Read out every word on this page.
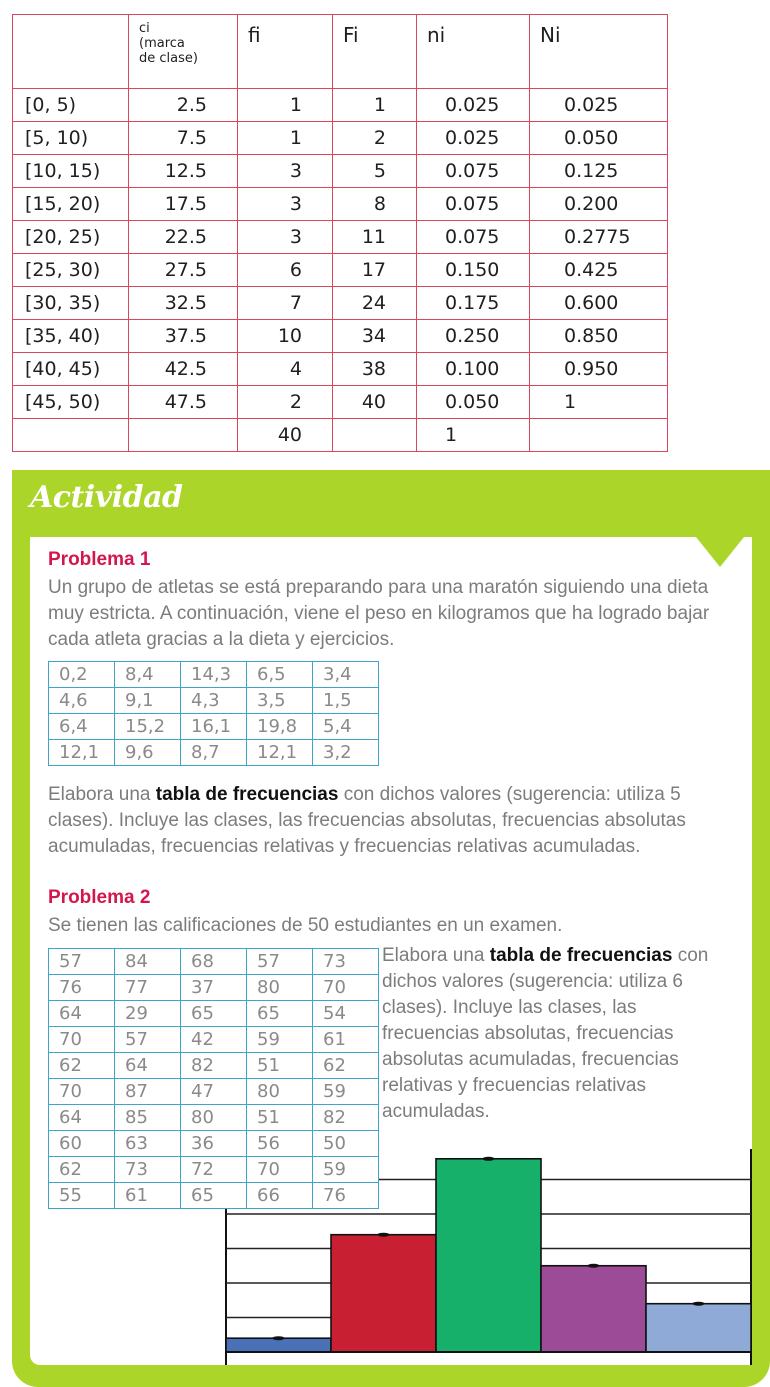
	ci
(marca
de clase)	fi	Fi	ni	Ni
[0, 5)	2.5	1	1	0.025	0.025
[5, 10)	7.5	1	2	0.025	0.050
[10, 15)	12.5	3	5	0.075	0.125
[15, 20)	17.5	3	8	0.075	0.200
[20, 25)	22.5	3	11	0.075	0.2775
[25, 30)	27.5	6	17	0.150	0.425
[30, 35)	32.5	7	24	0.175	0.600
[35, 40)	37.5	10	34	0.250	0.850
[40, 45)	42.5	4	38	0.100	0.950
[45, 50)	47.5	2	40	0.050	1
		40		1	
Actividad
Problema 1
Un grupo de atletas se está preparando para una maratón siguiendo una dieta muy estricta. A continuación, viene el peso en kilogramos que ha logrado bajar cada atleta gracias a la dieta y ejercicios.
0,2	8,4	14,3	6,5	3,4
4,6	9,1	4,3	3,5	1,5
6,4	15,2	16,1	19,8	5,4
12,1	9,6	8,7	12,1	3,2
Elabora una tabla de frecuencias con dichos valores (sugerencia: utiliza 5 clases). Incluye las clases, las frecuencias absolutas, frecuencias absolutas acumuladas, frecuencias relativas y frecuencias relativas acumuladas.
Problema 2
Se tienen las calificaciones de 50 estudiantes en un examen.
57	84	68	57	73
76	77	37	80	70
64	29	65	65	54
70	57	42	59	61
62	64	82	51	62
70	87	47	80	59
64	85	80	51	82
60	63	36	56	50
62	73	72	70	59
55	61	65	66	76
Elabora una tabla de frecuencias con dichos valores (sugerencia: utiliza 6 clases). Incluye las clases, las frecuencias absolutas, frecuencias absolutas acumuladas, frecuencias relativas y frecuencias relativas acumuladas.
